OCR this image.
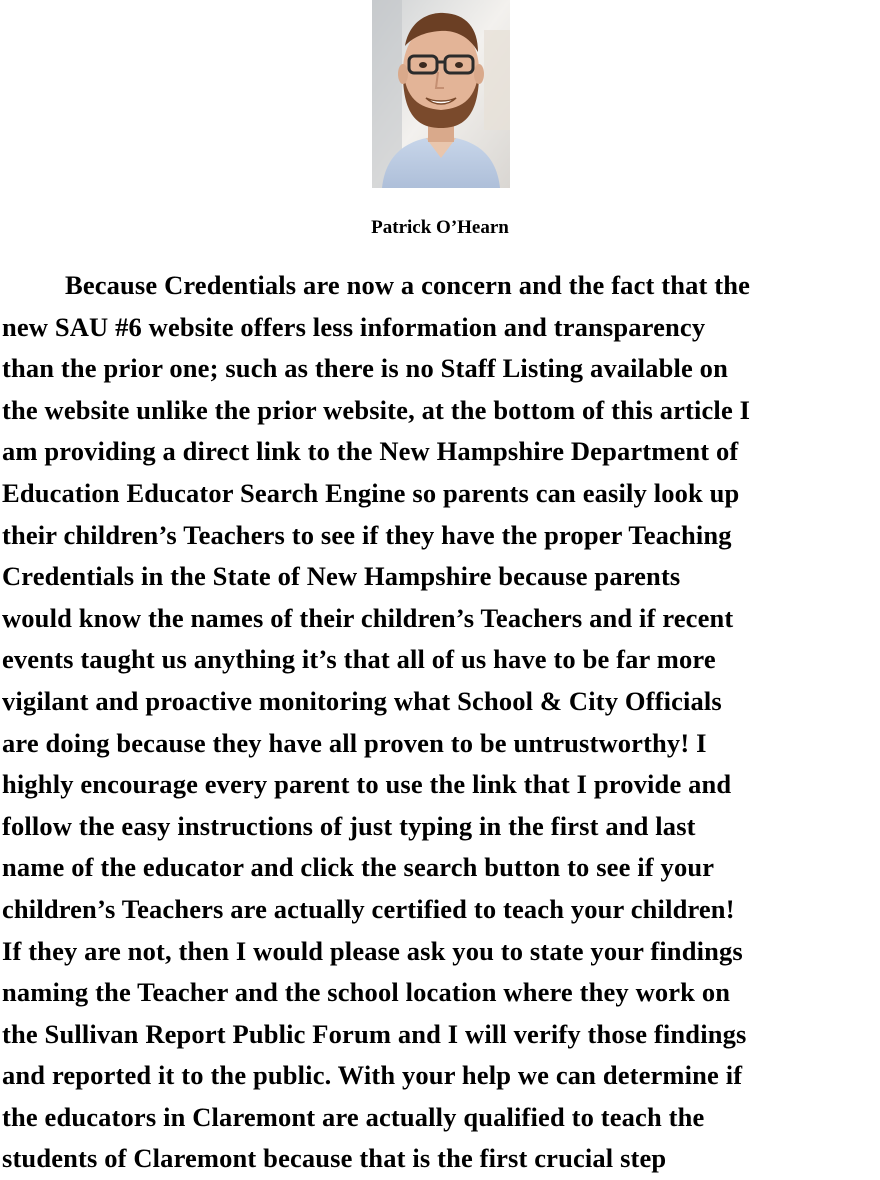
Patrick O’Hearn

Because Credentials are now a concern and the fact that the
new SAU #6 website offers less information and transparency
than the prior one; such as there is no Staff Listing available on
the website unlike the prior website, at the bottom of this article I
am providing a direct link to the New Hampshire Department of
Education Educator Search Engine so parents can easily look up
their children’s Teachers to see if they have the proper Teaching
Credentials in the State of New Hampshire because parents
would know the names of their children’s Teachers and if recent
events taught us anything it’s that all of us have to be far more
vigilant and proactive monitoring what School & City Officials
are doing because they have all proven to be untrustworthy! I
highly encourage every parent to use the link that I provide and
follow the easy instructions of just typing in the first and last
name of the educator and click the search button to see if your
children’s Teachers are actually certified to teach your children!
If they are not, then I would please ask you to state your findings
naming the Teacher and the school location where they work on
the Sullivan Report Public Forum and I will verify those findings
and reported it to the public. With your help we can determine if
the educators in Claremont are actually qualified to teach the
students of Claremont because that is the first crucial step
